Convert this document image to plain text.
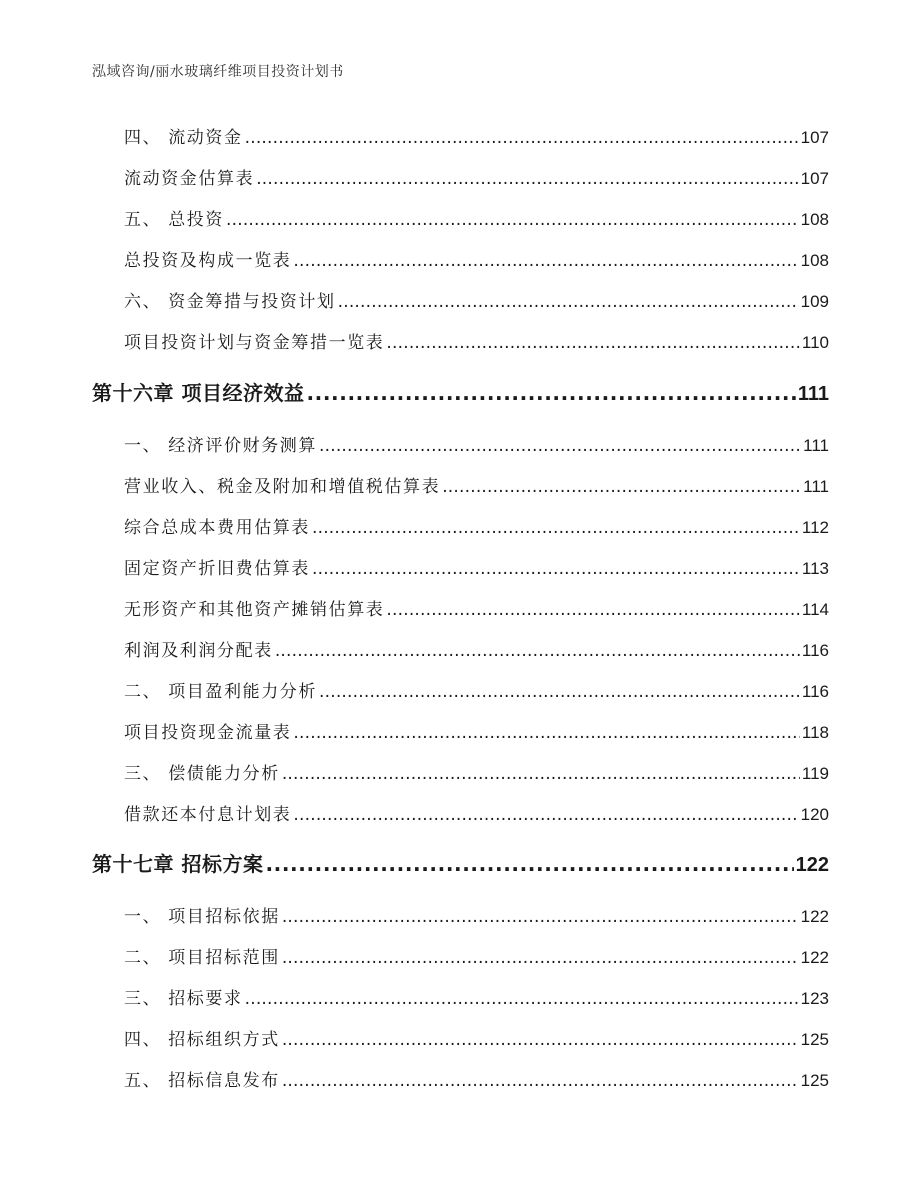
泓域咨询/丽水玻璃纤维项目投资计划书
四、 流动资金 .....	107
流动资金估算表 .....	107
五、 总投资 .....	108
总投资及构成一览表 .....	108
六、 资金筹措与投资计划 .....	109
项目投资计划与资金筹措一览表 .....	110
第十六章 项目经济效益 .....	111
一、 经济评价财务测算 .....	111
营业收入、税金及附加和增值税估算表 .....	111
综合总成本费用估算表 .....	112
固定资产折旧费估算表 .....	113
无形资产和其他资产摊销估算表 .....	114
利润及利润分配表 .....	116
二、 项目盈利能力分析 .....	116
项目投资现金流量表 .....	118
三、 偿债能力分析 .....	119
借款还本付息计划表 .....	120
第十七章 招标方案 .....	122
一、 项目招标依据 .....	122
二、 项目招标范围 .....	122
三、 招标要求 .....	123
四、 招标组织方式 .....	125
五、 招标信息发布 .....	125
